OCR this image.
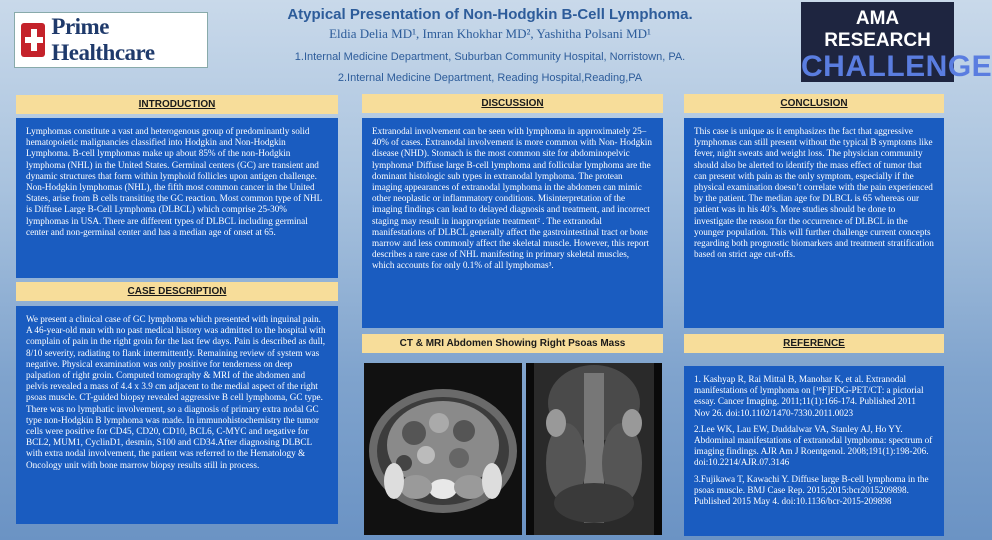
Prime Healthcare
Atypical Presentation of Non-Hodgkin B-Cell Lymphoma.
Eldia Delia MD¹, Imran Khokhar MD², Yashitha Polsani MD¹
1.Internal Medicine Department, Suburban Community Hospital, Norristown, PA.
2.Internal Medicine Department, Reading Hospital,Reading,PA
AMA RESEARCH
CHALLENGE
INTRODUCTION
Lymphomas constitute a vast and heterogenous group of predominantly solid hematopoietic malignancies classified into Hodgkin and Non-Hodgkin Lymphoma. B-cell lymphomas make up about 85% of the non-Hodgkin lymphoma (NHL) in the United States. Germinal centers (GC) are transient and dynamic structures that form within lymphoid follicles upon antigen challenge. Non-Hodgkin lymphomas (NHL), the fifth most common cancer in the United States, arise from B cells transiting the GC reaction. Most common type of NHL is Diffuse Large B-Cell Lymphoma (DLBCL) which comprise 25-30% lymphomas in USA. There are different types of DLBCL including germinal center and non-germinal center and has a median age of onset at 65.
CASE DESCRIPTION
We present a clinical case of GC lymphoma which presented with inguinal pain. A 46-year-old man with no past medical history was admitted to the hospital with complain of pain in the right groin for the last few days. Pain is described as dull, 8/10 severity, radiating to flank intermittently. Remaining review of system was negative. Physical examination was only positive for tenderness on deep palpation of right groin. Computed tomography & MRI of the abdomen and pelvis revealed a mass of 4.4 x 3.9 cm adjacent to the medial aspect of the right psoas muscle. CT-guided biopsy revealed aggressive B cell lymphoma, GC type. There was no lymphatic involvement, so a diagnosis of primary extra nodal GC type non-Hodgkin B lymphoma was made. In immunohistochemistry the tumor cells were positive for CD45, CD20, CD10, BCL6, C-MYC and negative for BCL2, MUM1, CyclinD1, desmin, S100 and CD34.After diagnosing DLBCL with extra nodal involvement, the patient was referred to the Hematology & Oncology unit with bone marrow biopsy results still in process.
DISCUSSION
Extranodal involvement can be seen with lymphoma in approximately 25–40% of cases. Extranodal involvement is more common with Non- Hodgkin disease (NHD). Stomach is the most common site for abdominopelvic lymphoma¹ Diffuse large B-cell lymphoma and follicular lymphoma are the dominant histologic sub types in extranodal lymphoma. The protean imaging appearances of extranodal lymphoma in the abdomen can mimic other neoplastic or inflammatory conditions. Misinterpretation of the imaging findings can lead to delayed diagnosis and treatment, and incorrect staging may result in inappropriate treatment² . The extranodal manifestations of DLBCL generally affect the gastrointestinal tract or bone marrow and less commonly affect the skeletal muscle. However, this report describes a rare case of NHL manifesting in primary skeletal muscles, which accounts for only 0.1% of all lymphomas³.
CT & MRI Abdomen Showing Right Psoas Mass
CONCLUSION
This case is unique as it emphasizes the fact that aggressive lymphomas can still present without the typical B symptoms like fever, night sweats and weight loss. The physician community should also be alerted to identify the mass effect of tumor that can present with pain as the only symptom, especially if the physical examination doesn’t correlate with the pain experienced by the patient. The median age for DLBCL is 65 whereas our patient was in his 40’s. More studies should be done to investigate the reason for the occurrence of DLBCL in the younger population. This will further challenge current concepts regarding both prognostic biomarkers and treatment stratification based on strict age cut-offs.
REFERENCE

1. Kashyap R, Rai Mittal B, Manohar K, et al. Extranodal manifestations of lymphoma on [¹⁸F]FDG-PET/CT: a pictorial essay. Cancer Imaging. 2011;11(1):166-174. Published 2011 Nov 26. doi:10.1102/1470-7330.2011.0023

2.Lee WK, Lau EW, Duddalwar VA, Stanley AJ, Ho YY. Abdominal manifestations of extranodal lymphoma: spectrum of imaging findings. AJR Am J Roentgenol. 2008;191(1):198-206. doi:10.2214/AJR.07.3146

3.Fujikawa T, Kawachi Y. Diffuse large B-cell lymphoma in the psoas muscle. BMJ Case Rep. 2015;2015:bcr2015209898. Published 2015 May 4. doi:10.1136/bcr-2015-209898
